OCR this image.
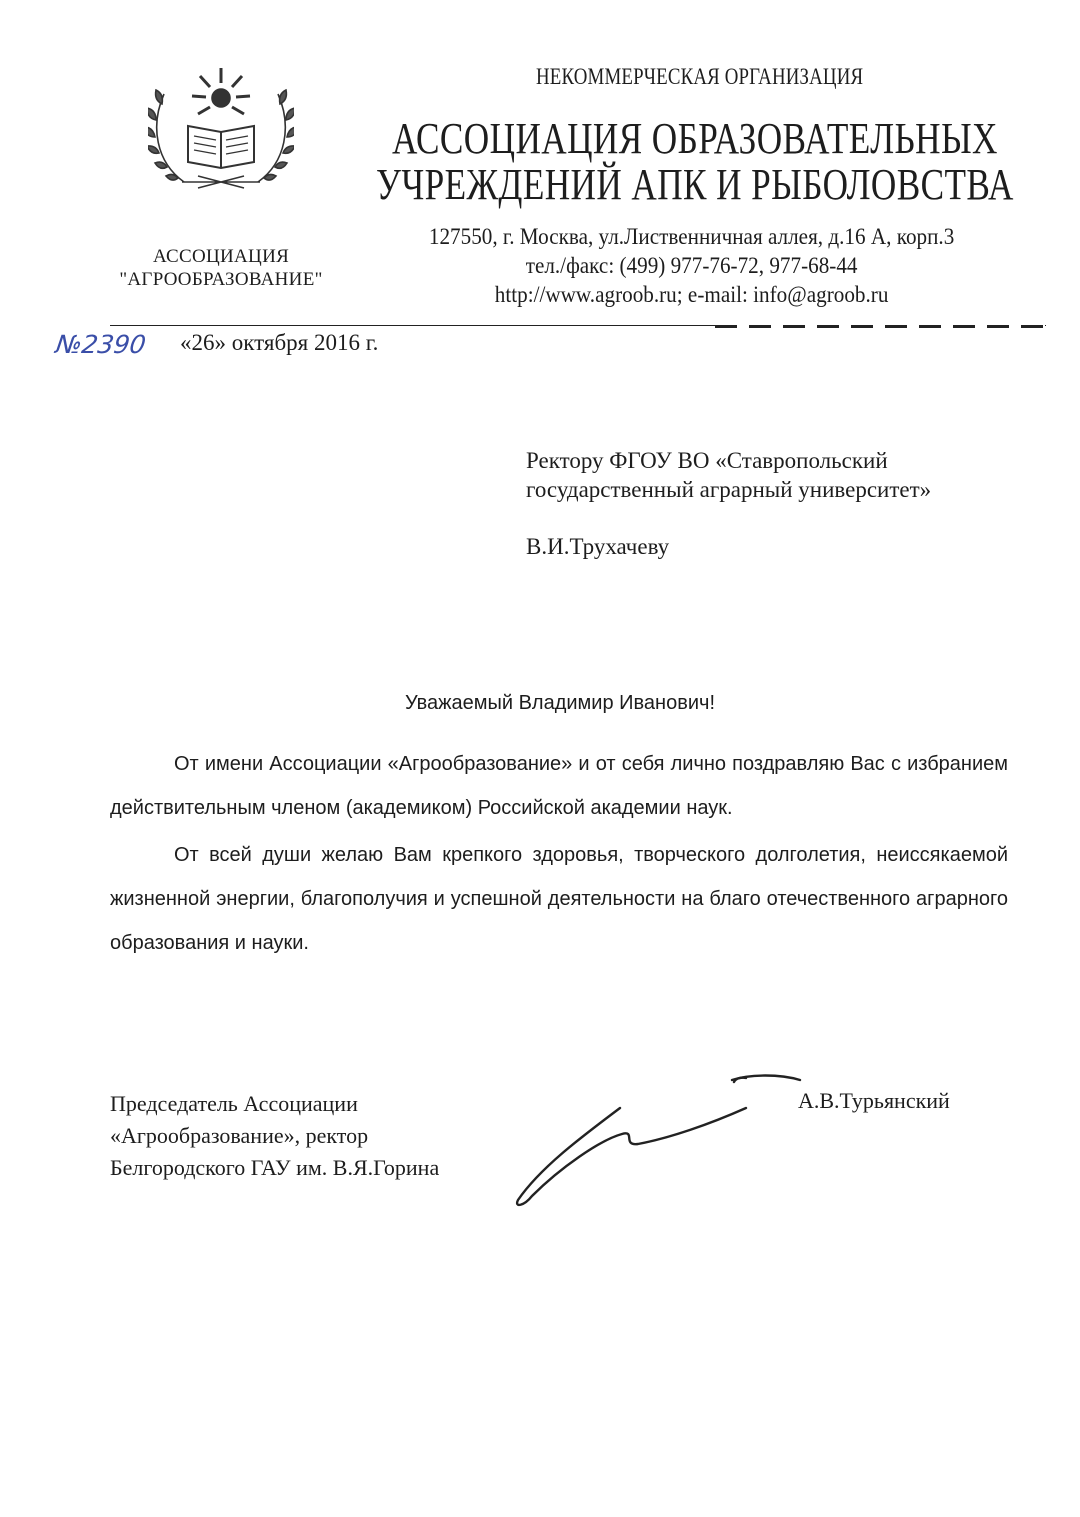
АССОЦИАЦИЯ
"АГРООБРАЗОВАНИЕ"
НЕКОММЕРЧЕСКАЯ ОРГАНИЗАЦИЯ
АССОЦИАЦИЯ ОБРАЗОВАТЕЛЬНЫХ
УЧРЕЖДЕНИЙ АПК И РЫБОЛОВСТВА
127550, г. Москва, ул.Лиственничная аллея, д.16 А, корп.3
тел./факс: (499) 977-76-72, 977-68-44
http://www.agroob.ru; e-mail: info@agroob.ru
№2390 «26» октября 2016 г.
Ректору ФГОУ ВО «Ставропольский
государственный аграрный университет»
В.И.Трухачеву
Уважаемый Владимир Иванович!

От имени Ассоциации «Агрообразование» и от себя лично поздравляю Вас с избранием действительным членом (академиком) Российской академии наук.

От всей души желаю Вам крепкого здоровья, творческого долголетия, неиссякаемой жизненной энергии, благополучия и успешной деятельности на благо отечественного аграрного образования и науки.

Председатель Ассоциации
«Агрообразование», ректор
Белгородского ГАУ им. В.Я.Горина
А.В.Турьянский
